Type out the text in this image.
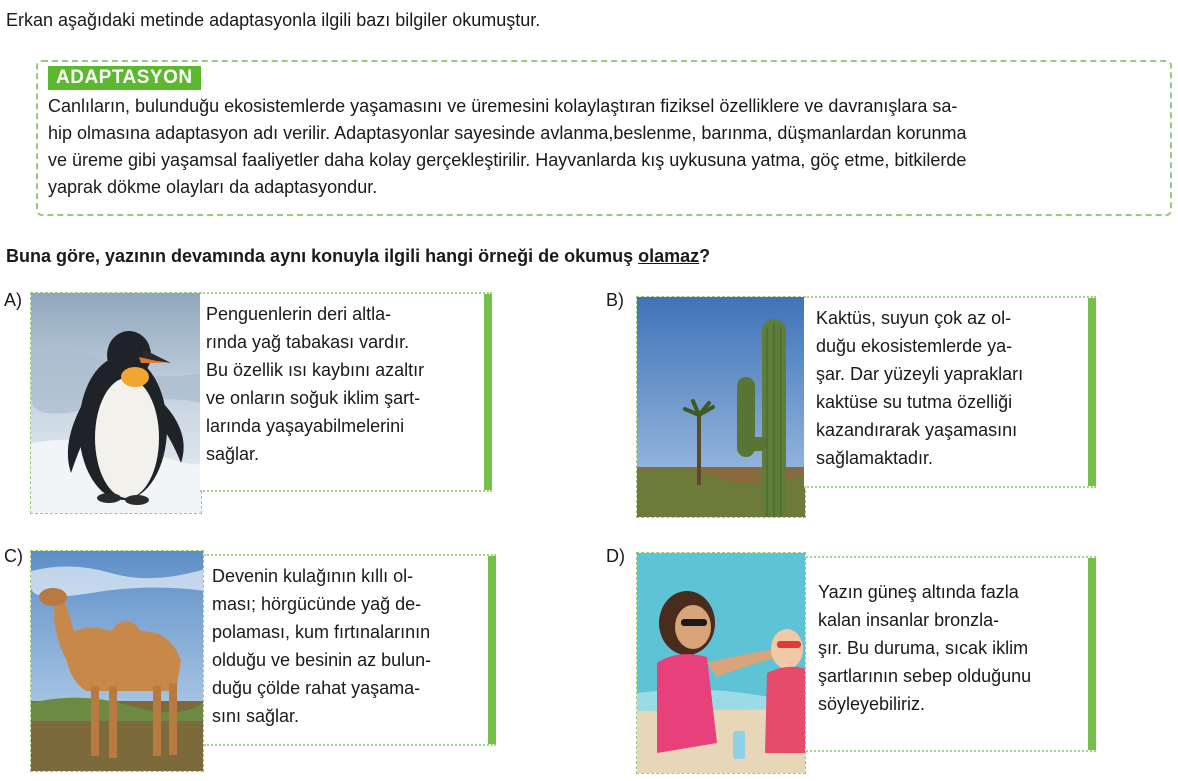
Erkan aşağıdaki metinde adaptasyonla ilgili bazı bilgiler okumuştur.
ADAPTASYON
Canlıların, bulunduğu ekosistemlerde yaşamasını ve üremesini kolaylaştıran fiziksel özelliklere ve davranışlara sa-
hip olmasına adaptasyon adı verilir. Adaptasyonlar sayesinde avlanma,beslenme, barınma, düşmanlardan korunma
ve üreme gibi yaşamsal faaliyetler daha kolay gerçekleştirilir. Hayvanlarda kış uykusuna yatma, göç etme, bitkilerde
yaprak dökme olayları da adaptasyondur.
Buna göre, yazının devamında aynı konuyla ilgili hangi örneği de okumuş olamaz?
A)
Penguenlerin deri altla-
rında yağ tabakası vardır.
Bu özellik ısı kaybını azaltır
ve onların soğuk iklim şart-
larında yaşayabilmelerini
sağlar.
B)
Kaktüs, suyun çok az ol-
duğu ekosistemlerde ya-
şar. Dar yüzeyli yaprakları
kaktüse su tutma özelliği
kazandırarak yaşamasını
sağlamaktadır.
C)
Devenin kulağının kıllı ol-
ması; hörgücünde yağ de-
polaması, kum fırtınalarının
olduğu ve besinin az bulun-
duğu çölde rahat yaşama-
sını sağlar.
D)
Yazın güneş altında fazla
kalan insanlar bronzla-
şır. Bu duruma, sıcak iklim
şartlarının sebep olduğunu
söyleyebiliriz.
